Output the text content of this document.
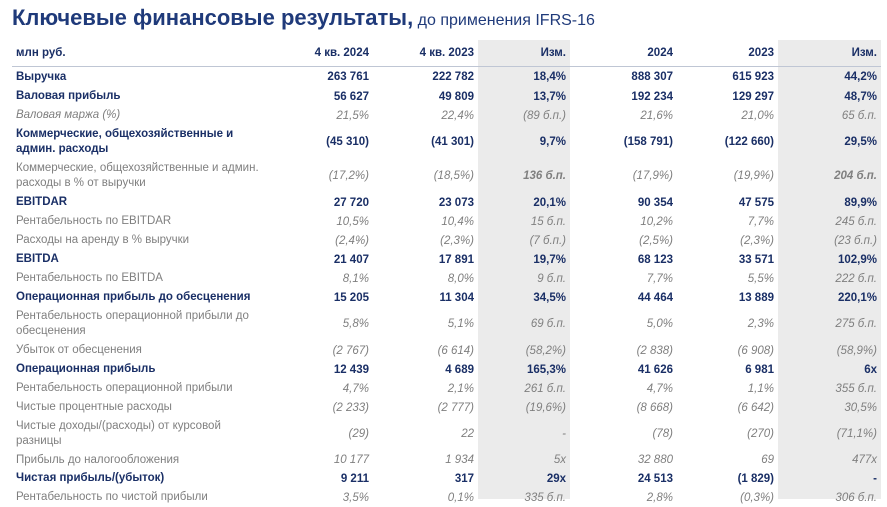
Ключевые финансовые результаты, до применения IFRS-16
млн руб.	4 кв. 2024	4 кв. 2023	Изм.	2024	2023	Изм.
Выручка	263 761	222 782	18,4%	888 307	615 923	44,2%
Валовая прибыль	56 627	49 809	13,7%	192 234	129 297	48,7%
Валовая маржа (%)	21,5%	22,4%	(89 б.п.)	21,6%	21,0%	65 б.п.
Коммерческие, общехозяйственные и админ. расходы	(45 310)	(41 301)	9,7%	(158 791)	(122 660)	29,5%
Коммерческие, общехозяйственные и админ. расходы в % от выручки	(17,2%)	(18,5%)	136 б.п.	(17,9%)	(19,9%)	204 б.п.
EBITDAR	27 720	23 073	20,1%	90 354	47 575	89,9%
Рентабельность по EBITDAR	10,5%	10,4%	15 б.п.	10,2%	7,7%	245 б.п.
Расходы на аренду в % выручки	(2,4%)	(2,3%)	(7 б.п.)	(2,5%)	(2,3%)	(23 б.п.)
EBITDA	21 407	17 891	19,7%	68 123	33 571	102,9%
Рентабельность по EBITDA	8,1%	8,0%	9 б.п.	7,7%	5,5%	222 б.п.
Операционная прибыль до обесценения	15 205	11 304	34,5%	44 464	13 889	220,1%
Рентабельность операционной прибыли до обесценения	5,8%	5,1%	69 б.п.	5,0%	2,3%	275 б.п.
Убыток от обесценения	(2 767)	(6 614)	(58,2%)	(2 838)	(6 908)	(58,9%)
Операционная прибыль	12 439	4 689	165,3%	41 626	6 981	6x
Рентабельность операционной прибыли	4,7%	2,1%	261 б.п.	4,7%	1,1%	355 б.п.
Чистые процентные расходы	(2 233)	(2 777)	(19,6%)	(8 668)	(6 642)	30,5%
Чистые доходы/(расходы) от курсовой разницы	(29)	22	-	(78)	(270)	(71,1%)
Прибыль до налогообложения	10 177	1 934	5x	32 880	69	477x
Чистая прибыль/(убыток)	9 211	317	29x	24 513	(1 829)	-
Рентабельность по чистой прибыли	3,5%	0,1%	335 б.п.	2,8%	(0,3%)	306 б.п.
